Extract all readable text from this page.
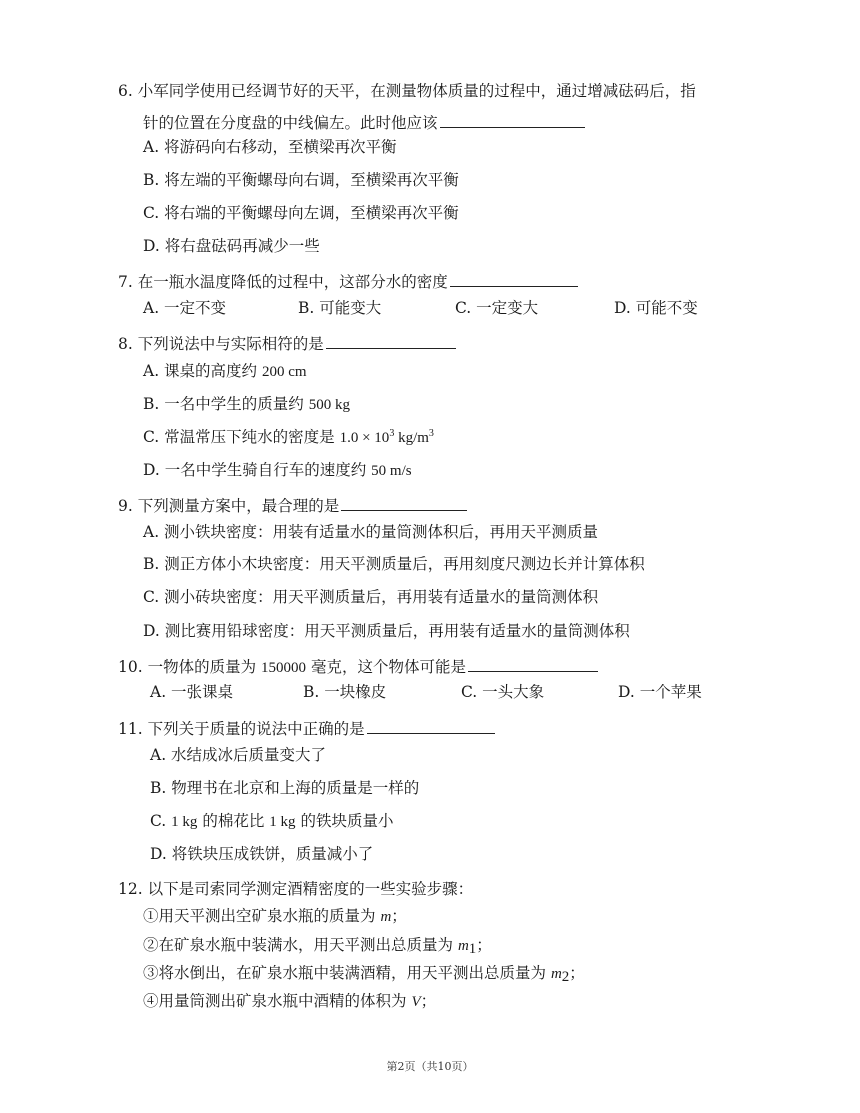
6. 小军同学使用已经调节好的天平，在测量物体质量的过程中，通过增减砝码后，指
针的位置在分度盘的中线偏左。此时他应该
A. 将游码向右移动，至横梁再次平衡
B. 将左端的平衡螺母向右调，至横梁再次平衡
C. 将右端的平衡螺母向左调，至横梁再次平衡
D. 将右盘砝码再减少一些
7. 在一瓶水温度降低的过程中，这部分水的密度
A. 一定不变	B. 可能变大	C. 一定变大	D. 可能不变
8. 下列说法中与实际相符的是
A. 课桌的高度约 200 cm
B. 一名中学生的质量约 500 kg
C. 常温常压下纯水的密度是 $1.0 \times 10^3$ $kg/m^3$
D. 一名中学生骑自行车的速度约 50 m/s
9. 下列测量方案中，最合理的是
A. 测小铁块密度：用装有适量水的量筒测体积后，再用天平测质量
B. 测正方体小木块密度：用天平测质量后，再用刻度尺测边长并计算体积
C. 测小砖块密度：用天平测质量后，再用装有适量水的量筒测体积
D. 测比赛用铅球密度：用天平测质量后，再用装有适量水的量筒测体积
10. 一物体的质量为 150000 毫克，这个物体可能是
A. 一张课桌	B. 一块橡皮	C. 一头大象	D. 一个苹果
11. 下列关于质量的说法中正确的是
A. 水结成冰后质量变大了
B. 物理书在北京和上海的质量是一样的
C. 1 kg 的棉花比 1 kg 的铁块质量小
D. 将铁块压成铁饼，质量减小了
12. 以下是司索同学测定酒精密度的一些实验步骤：
①用天平测出空矿泉水瓶的质量为 m；
②在矿泉水瓶中装满水，用天平测出总质量为 $m_1$；
③将水倒出，在矿泉水瓶中装满酒精，用天平测出总质量为 $m_2$；
④用量筒测出矿泉水瓶中酒精的体积为 V；
第2页（共10页）
